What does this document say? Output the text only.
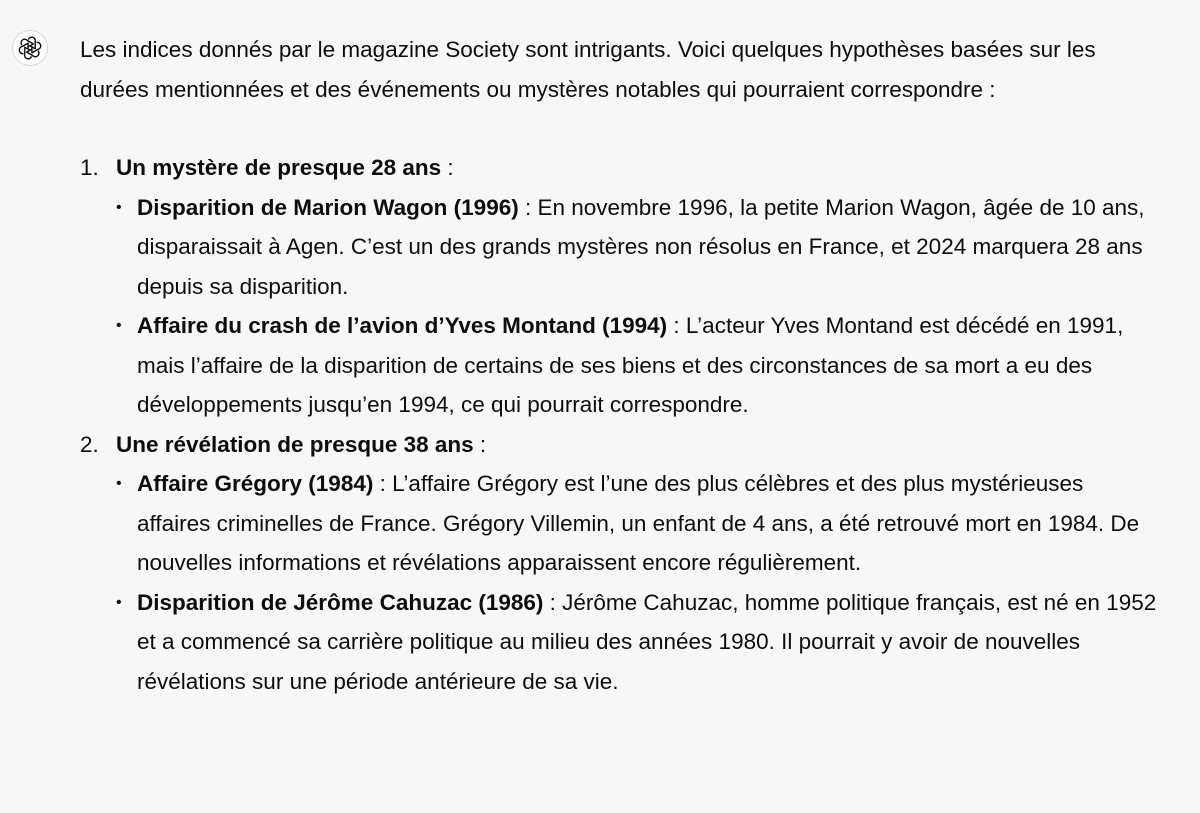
Les indices donnés par le magazine Society sont intrigants. Voici quelques hypothèses basées sur les durées mentionnées et des événements ou mystères notables qui pourraient correspondre :

1. Un mystère de presque 28 ans :
• Disparition de Marion Wagon (1996) : En novembre 1996, la petite Marion Wagon, âgée de 10 ans, disparaissait à Agen. C’est un des grands mystères non résolus en France, et 2024 marquera 28 ans depuis sa disparition.
• Affaire du crash de l’avion d’Yves Montand (1994) : L’acteur Yves Montand est décédé en 1991, mais l’affaire de la disparition de certains de ses biens et des circonstances de sa mort a eu des développements jusqu’en 1994, ce qui pourrait correspondre.
2. Une révélation de presque 38 ans :
• Affaire Grégory (1984) : L’affaire Grégory est l’une des plus célèbres et des plus mystérieuses affaires criminelles de France. Grégory Villemin, un enfant de 4 ans, a été retrouvé mort en 1984. De nouvelles informations et révélations apparaissent encore régulièrement.
• Disparition de Jérôme Cahuzac (1986) : Jérôme Cahuzac, homme politique français, est né en 1952 et a commencé sa carrière politique au milieu des années 1980. Il pourrait y avoir de nouvelles révélations sur une période antérieure de sa vie.
